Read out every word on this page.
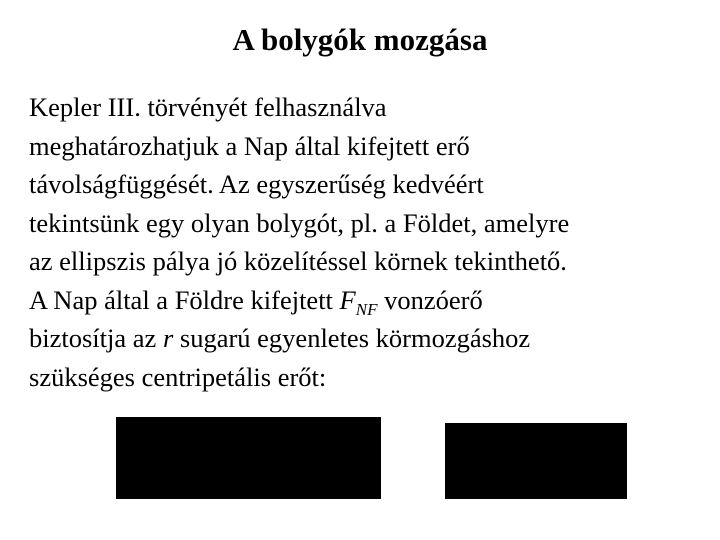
A bolygók mozgása
Kepler III. törvényét felhasználva
meghatározhatjuk a Nap által kifejtett erő
távolságfüggését. Az egyszerűség kedvéért
tekintsünk egy olyan bolygót, pl. a Földet, amelyre
az ellipszis pálya jó közelítéssel körnek tekinthető.
A Nap által a Földre kifejtett $F_{NF}$ vonzóerő
biztosítja az r sugarú egyenletes körmozgáshoz
szükséges centripetális erőt:
